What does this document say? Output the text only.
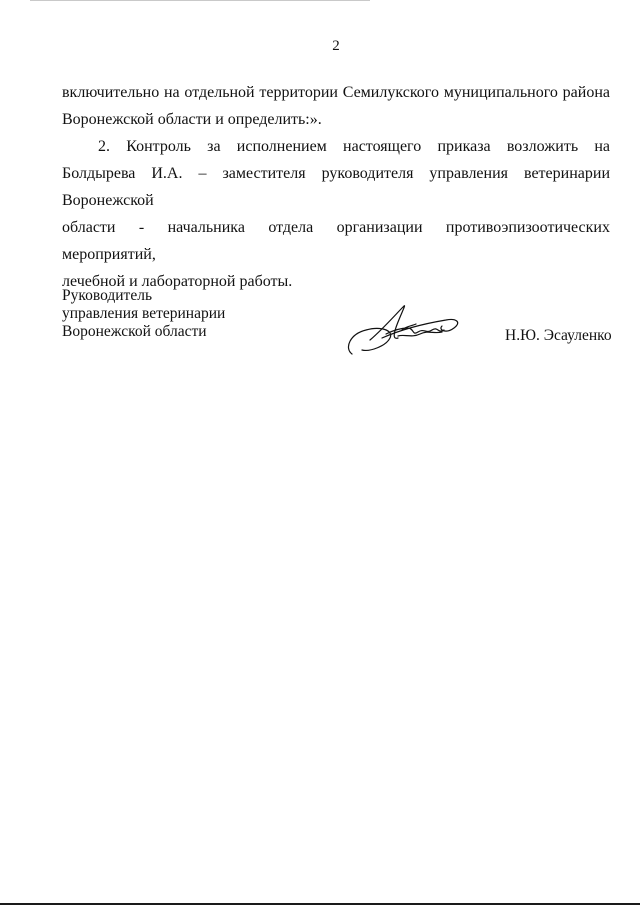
2
включительно на отдельной территории Семилукского муниципального района
Воронежской области и определить:».
2. Контроль за исполнением настоящего приказа возложить на
Болдырева И.А. – заместителя руководителя управления ветеринарии Воронежской
области - начальника отдела организации противоэпизоотических мероприятий,
лечебной и лабораторной работы.
Руководитель
управления ветеринарии
Воронежской области	Н.Ю. Эсауленко
